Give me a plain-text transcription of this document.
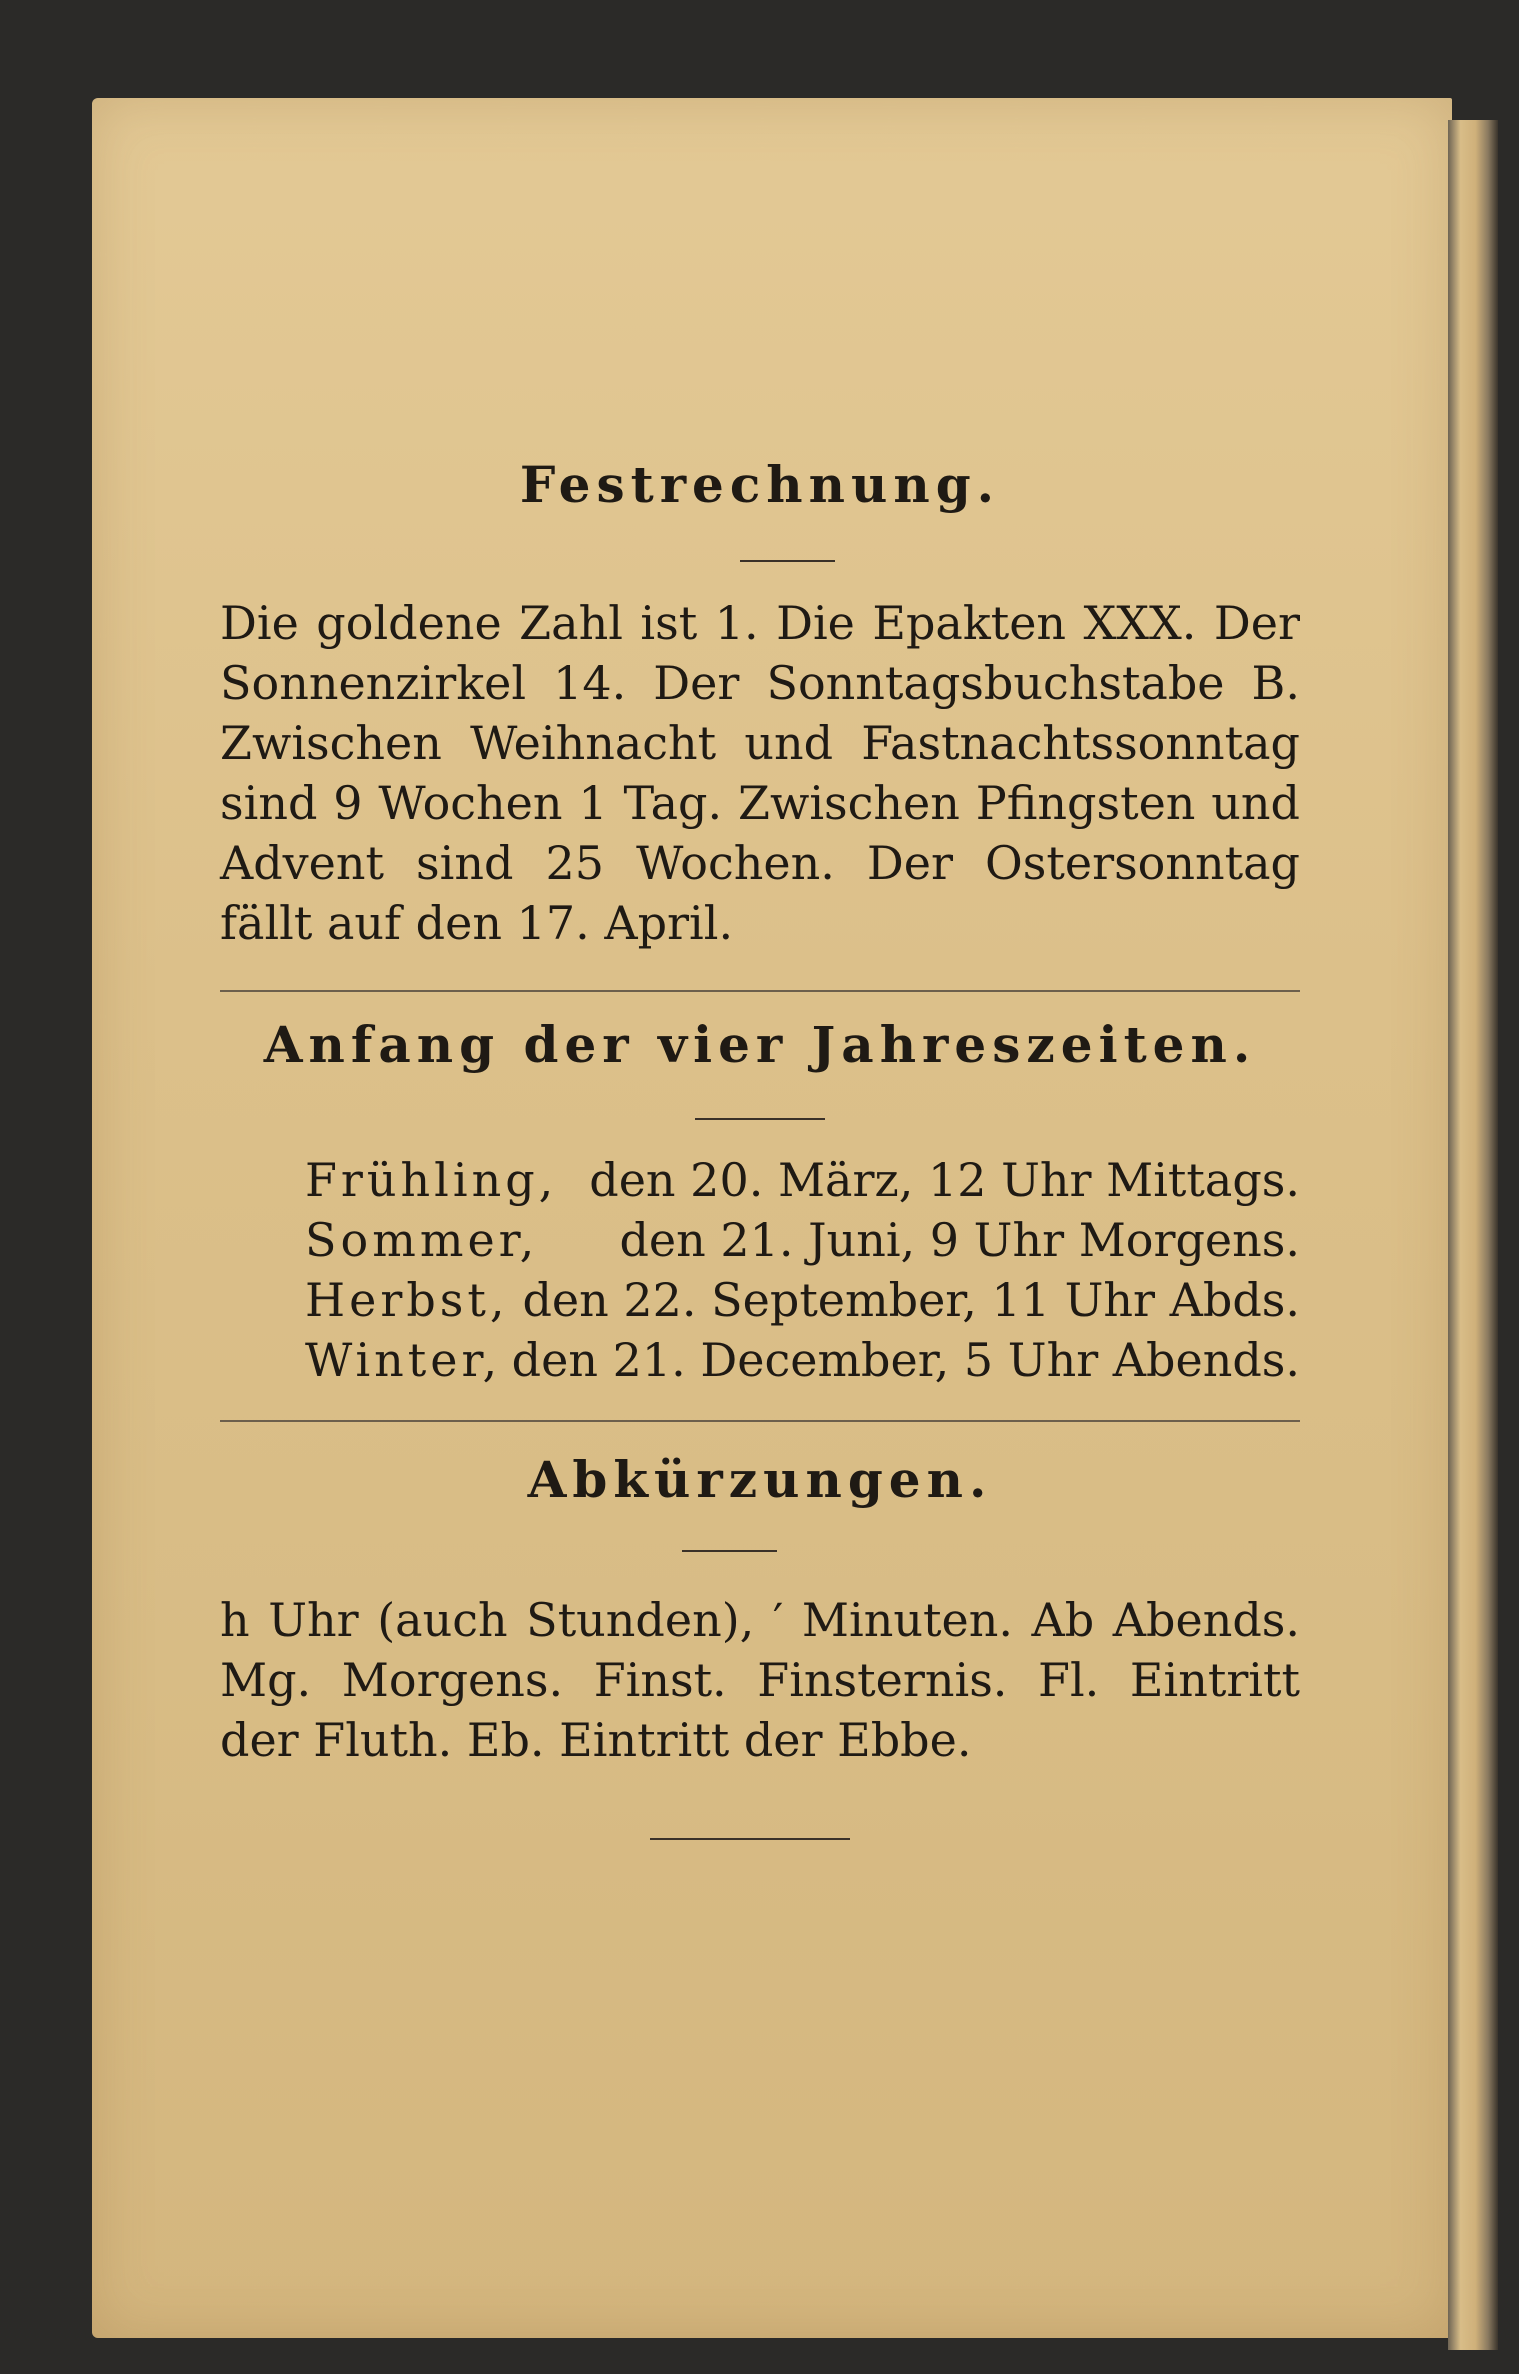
Festrechnung.
Die goldene Zahl ist 1. Die Epakten XXX. Der Sonnenzirkel 14. Der Sonntagsbuchstabe B. Zwischen Weihnacht und Fastnachtssonntag sind 9 Wochen 1 Tag. Zwischen Pfingsten und Advent sind 25 Wochen. Der Ostersonntag fällt auf den 17. April.
Anfang der vier Jahreszeiten.
Frühling, den 20. März, 12 Uhr Mittags.
Sommer, den 21. Juni, 9 Uhr Morgens.
Herbst, den 22. September, 11 Uhr Abds.
Winter, den 21. December, 5 Uhr Abends.
Abkürzungen.
h Uhr (auch Stunden), ′ Minuten. Ab Abends. Mg. Morgens. Finst. Finsternis. Fl. Eintritt der Fluth. Eb. Eintritt der Ebbe.
